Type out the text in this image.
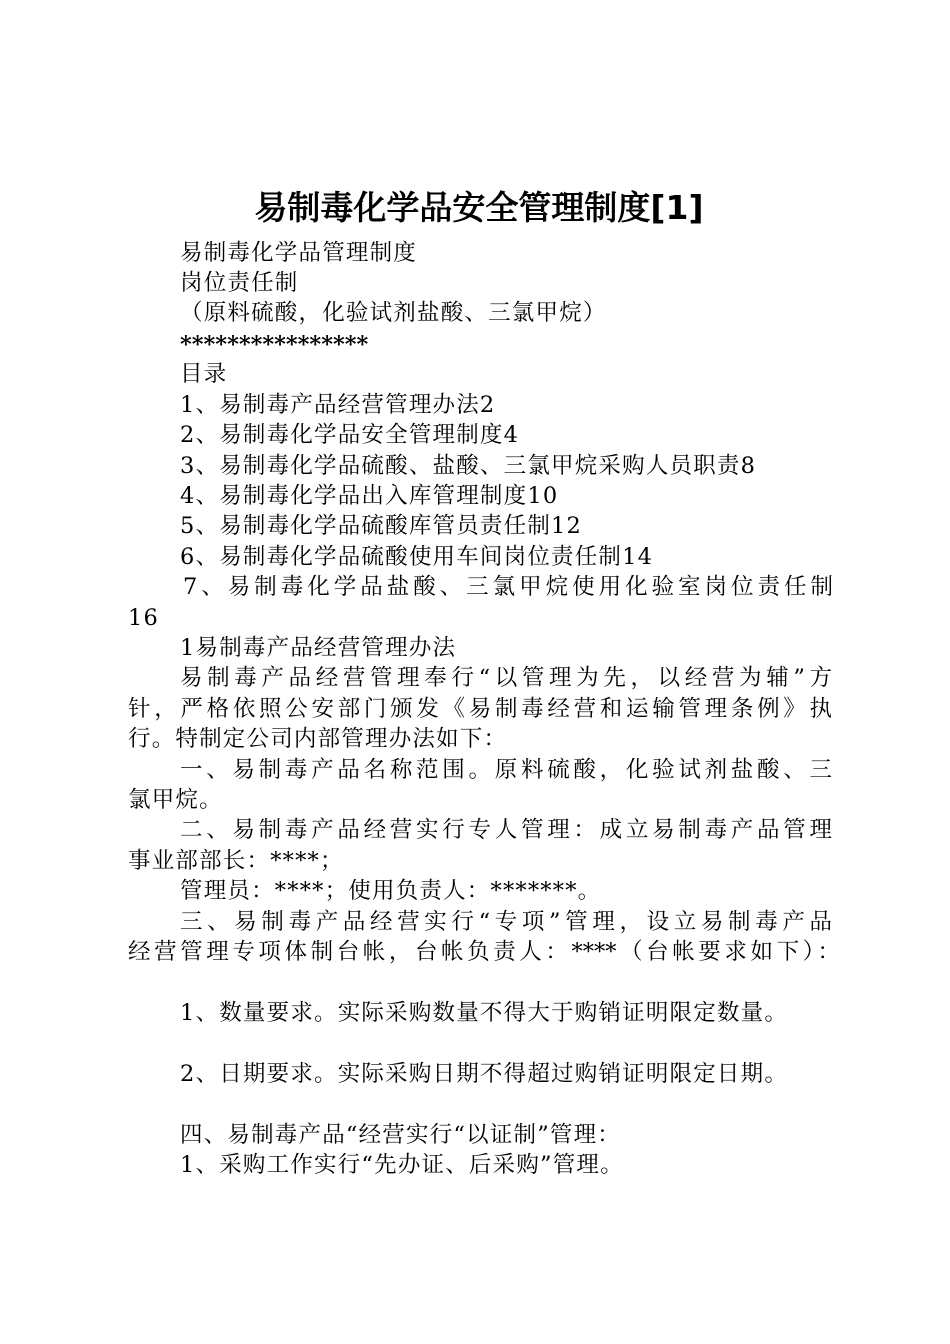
易制毒化学品安全管理制度[1]
易制毒化学品管理制度
岗位责任制
（原料硫酸，化验试剂盐酸、三氯甲烷）
****************
目录
1、易制毒产品经营管理办法2
2、易制毒化学品安全管理制度4
3、易制毒化学品硫酸、盐酸、三氯甲烷采购人员职责8
4、易制毒化学品出入库管理制度10
5、易制毒化学品硫酸库管员责任制12
6、易制毒化学品硫酸使用车间岗位责任制14
7、易制毒化学品盐酸、三氯甲烷使用化验室岗位责任制
16
1易制毒产品经营管理办法
易制毒产品经营管理奉行“以管理为先，以经营为辅”方
针，严格依照公安部门颁发《易制毒经营和运输管理条例》执
行。特制定公司内部管理办法如下：
一、易制毒产品名称范围。原料硫酸，化验试剂盐酸、三
氯甲烷。
二、易制毒产品经营实行专人管理：成立易制毒产品管理
事业部部长：****；
管理员：****；使用负责人：*******。
三、易制毒产品经营实行“专项”管理，设立易制毒产品
经营管理专项体制台帐，台帐负责人：****（台帐要求如下）：
1、数量要求。实际采购数量不得大于购销证明限定数量。
2、日期要求。实际采购日期不得超过购销证明限定日期。
四、易制毒产品“经营实行“以证制”管理：
1、采购工作实行“先办证、后采购”管理。
